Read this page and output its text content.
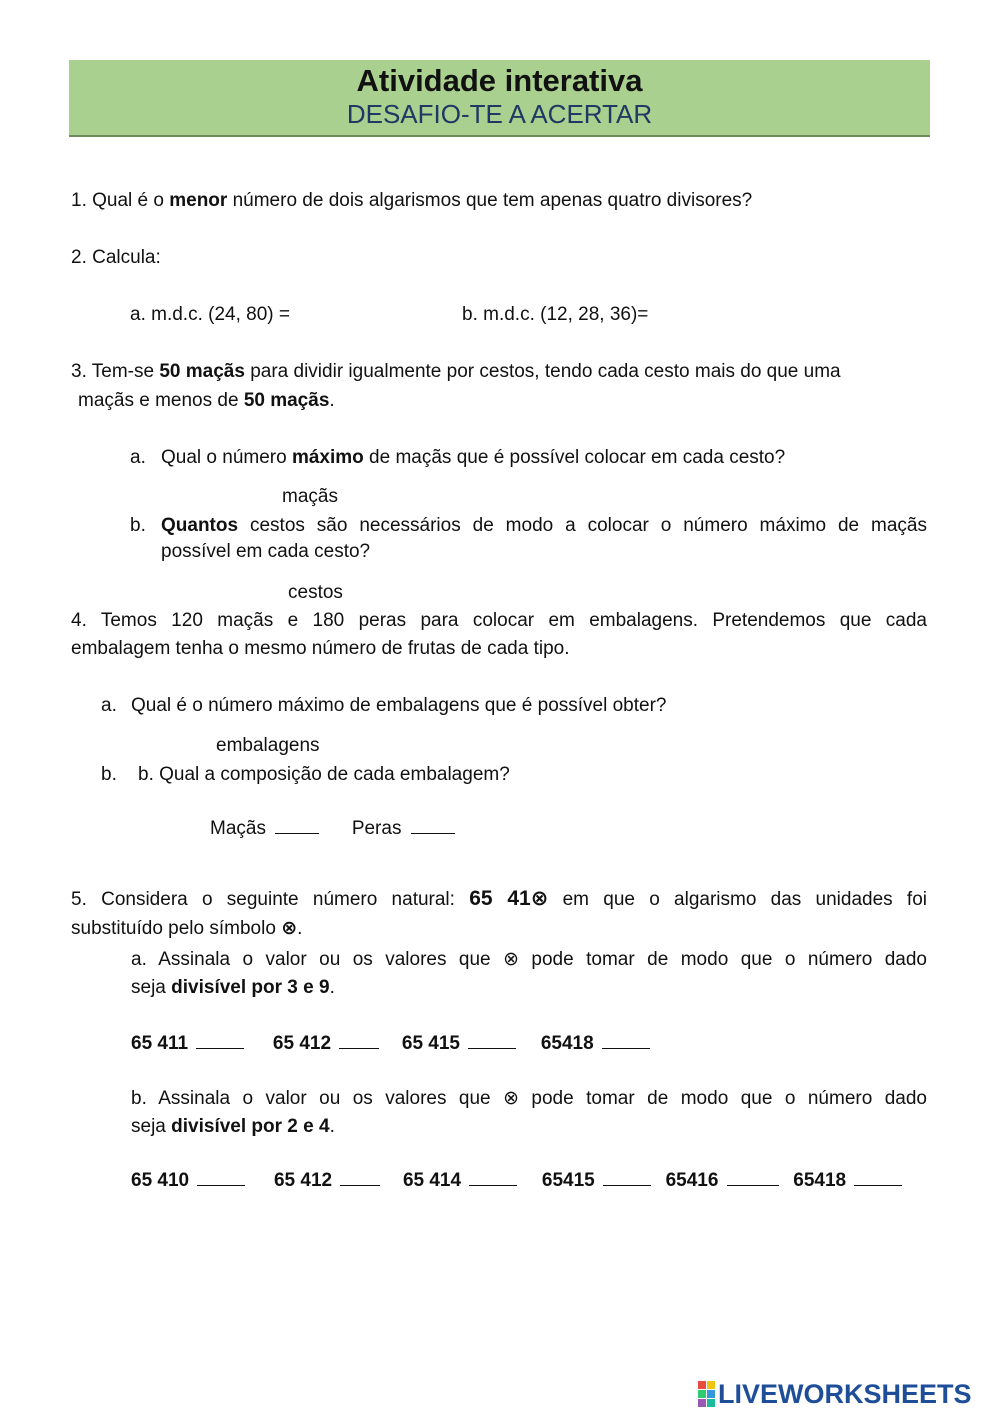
Atividade interativa
DESAFIO-TE A ACERTAR
1. Qual é o menor número de dois algarismos que tem apenas quatro divisores?
2. Calcula:
a. m.d.c. (24, 80) =	b. m.d.c. (12, 28, 36)=
3. Tem-se 50 maçãs para dividir igualmente por cestos, tendo cada cesto mais do que uma
maçãs e menos de 50 maçãs.
a. Qual o número máximo de maçãs que é possível colocar em cada cesto?
maçãs
b. Quantos cestos são necessários de modo a colocar o número máximo de maçãs
possível em cada cesto?
cestos
4. Temos 120 maçãs e 180 peras para colocar em embalagens. Pretendemos que cada
embalagem tenha o mesmo número de frutas de cada tipo.
a. Qual é o número máximo de embalagens que é possível obter?
embalagens
b. b. Qual a composição de cada embalagem?
Maçãs	Peras
5. Considera o seguinte número natural: 65 41⊗ em que o algarismo das unidades foi
substituído pelo símbolo ⊗.
a. Assinala o valor ou os valores que ⊗ pode tomar de modo que o número dado
seja divisível por 3 e 9.
65 411	65 412	65 415	65418
b. Assinala o valor ou os valores que ⊗ pode tomar de modo que o número dado
seja divisível por 2 e 4.
65 410	65 412	65 414	65415	65416	65418
LIVEWORKSHEETS
